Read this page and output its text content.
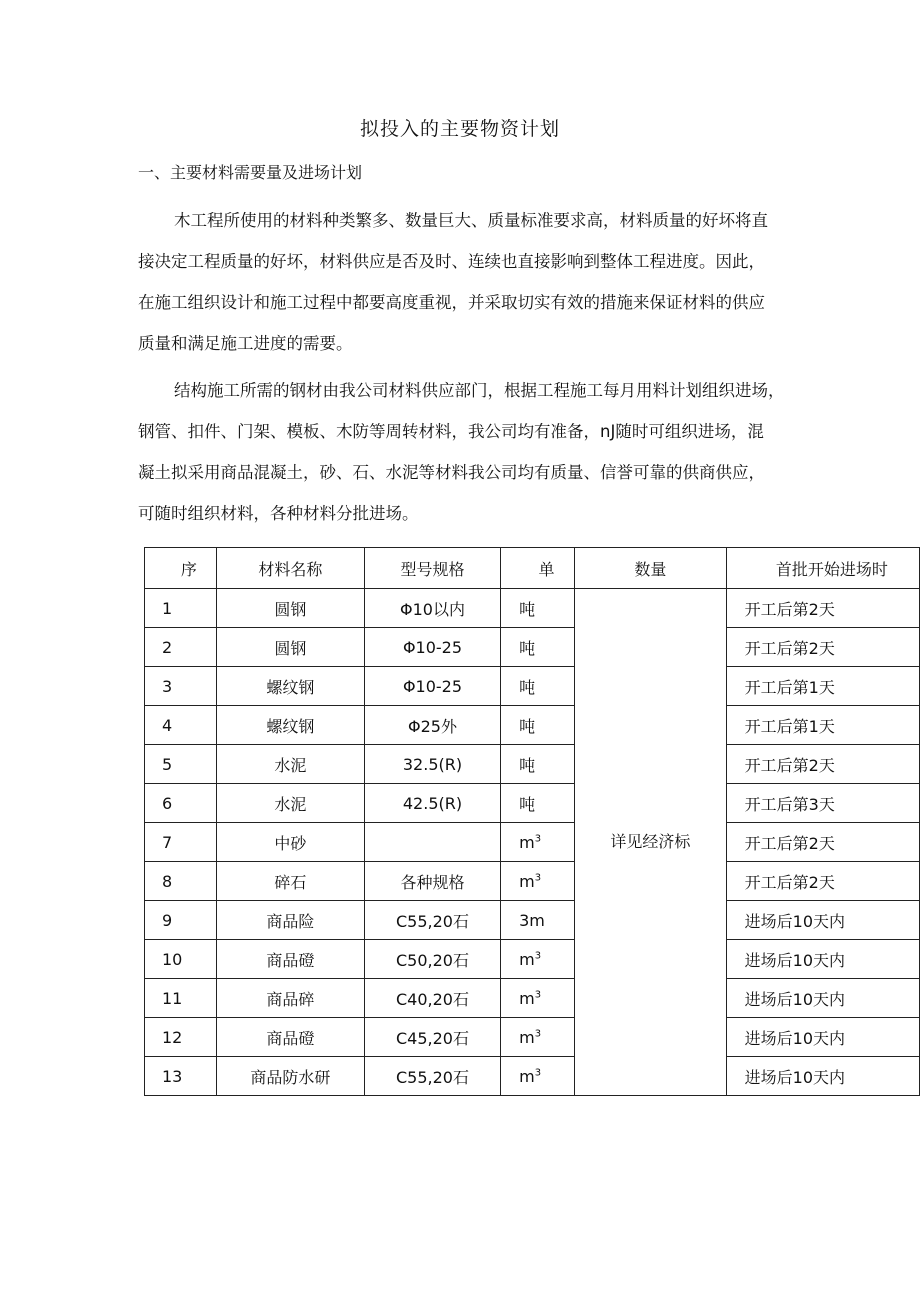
拟投入的主要物资计划
一、主要材料需要量及进场计划
木工程所使用的材料种类繁多、数量巨大、质量标准要求高，材料质量的好坏将直
接决定工程质量的好坏，材料供应是否及时、连续也直接影响到整体工程进度。因此，
在施工组织设计和施工过程中都要高度重视，并采取切实有效的措施来保证材料的供应
质量和满足施工进度的需要。
结构施工所需的钢材由我公司材料供应部门，根据工程施工每月用料计划组织进场，
钢管、扣件、门架、模板、木防等周转材料，我公司均有准备，nJ随时可组织进场，混
凝土拟采用商品混凝土，砂、石、水泥等材料我公司均有质量、信誉可靠的供商供应，
可随时组织材料，各种材料分批进场。
序	材料名称	型号规格	单	数量	首批开始进场时
1	圆钢	Φ10以内	吨	详见经济标	开工后第2天
2	圆钢	Φ10-25	吨		开工后第2天
3	螺纹钢	Φ10-25	吨		开工后第1天
4	螺纹钢	Φ25外	吨		开工后第1天
5	水泥	32.5(R)	吨		开工后第2天
6	水泥	42.5(R)	吨		开工后第3天
7	中砂		$m^3$		开工后第2天
8	碎石	各种规格	$m^3$		开工后第2天
9	商品险	C55,20石	3m		进场后10天内
10	商品磴	C50,20石	$m^3$		进场后10天内
11	商品碎	C40,20石	$m^3$		进场后10天内
12	商品磴	C45,20石	$m^3$		进场后10天内
13	商品防水研	C55,20石	$m^3$		进场后10天内
